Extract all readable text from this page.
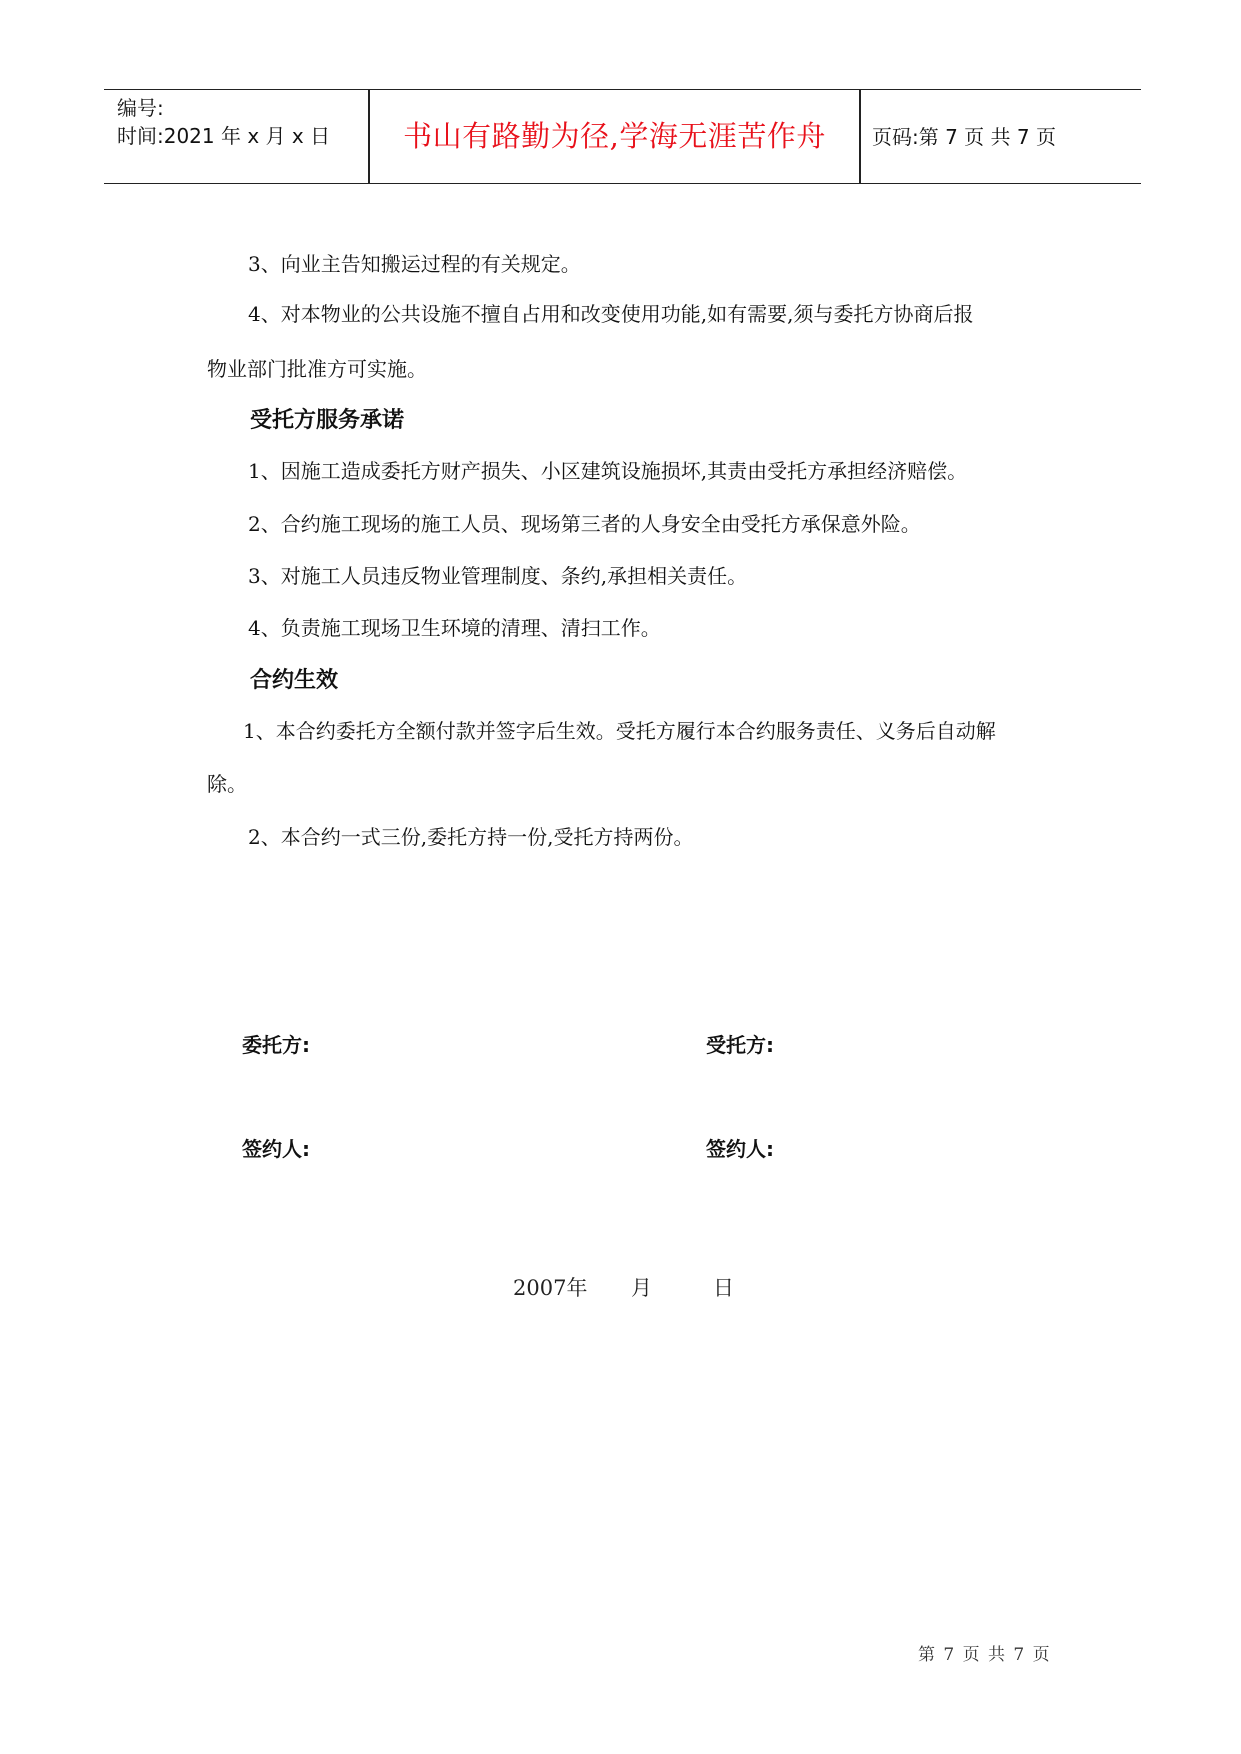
编号:
时间:2021 年 x 月 x 日	书山有路勤为径,学海无涯苦作舟	页码:第 7 页 共 7 页
3、向业主告知搬运过程的有关规定。
4、对本物业的公共设施不擅自占用和改变使用功能,如有需要,须与委托方协商后报
物业部门批准方可实施。
受托方服务承诺
1、因施工造成委托方财产损失、小区建筑设施损坏,其责由受托方承担经济赔偿。
2、合约施工现场的施工人员、现场第三者的人身安全由受托方承保意外险。
3、对施工人员违反物业管理制度、条约,承担相关责任。
4、负责施工现场卫生环境的清理、清扫工作。
合约生效
1、本合约委托方全额付款并签字后生效。受托方履行本合约服务责任、义务后自动解
除。
2、本合约一式三份,委托方持一份,受托方持两份。
委托方:	受托方:
签约人:	签约人:
2007年 月	日
第 7 页 共 7 页
